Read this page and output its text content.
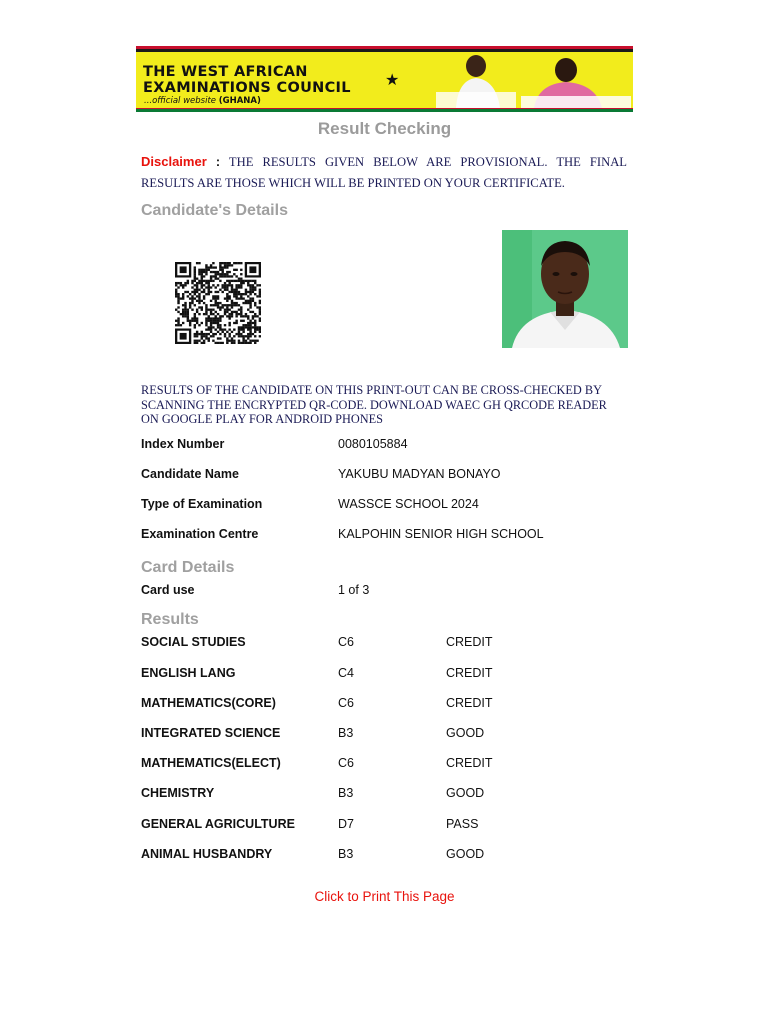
THE WEST AFRICAN
EXAMINATIONS COUNCIL
...official website (GHANA)
★
Result Checking
Disclaimer : THE RESULTS GIVEN BELOW ARE PROVISIONAL. THE FINAL RESULTS ARE THOSE WHICH WILL BE PRINTED ON YOUR CERTIFICATE.
Candidate's Details
RESULTS OF THE CANDIDATE ON THIS PRINT-OUT CAN BE CROSS-CHECKED BY SCANNING THE ENCRYPTED QR-CODE. DOWNLOAD WAEC GH QRCODE READER ON GOOGLE PLAY FOR ANDROID PHONES
Index Number	0080105884
Candidate Name	YAKUBU MADYAN BONAYO
Type of Examination	WASSCE SCHOOL 2024
Examination Centre	KALPOHIN SENIOR HIGH SCHOOL
Card Details
Card use	1 of 3
Results
SOCIAL STUDIES	C6	CREDIT
ENGLISH LANG	C4	CREDIT
MATHEMATICS(CORE)	C6	CREDIT
INTEGRATED SCIENCE	B3	GOOD
MATHEMATICS(ELECT)	C6	CREDIT
CHEMISTRY	B3	GOOD
GENERAL AGRICULTURE	D7	PASS
ANIMAL HUSBANDRY	B3	GOOD
Click to Print This Page
